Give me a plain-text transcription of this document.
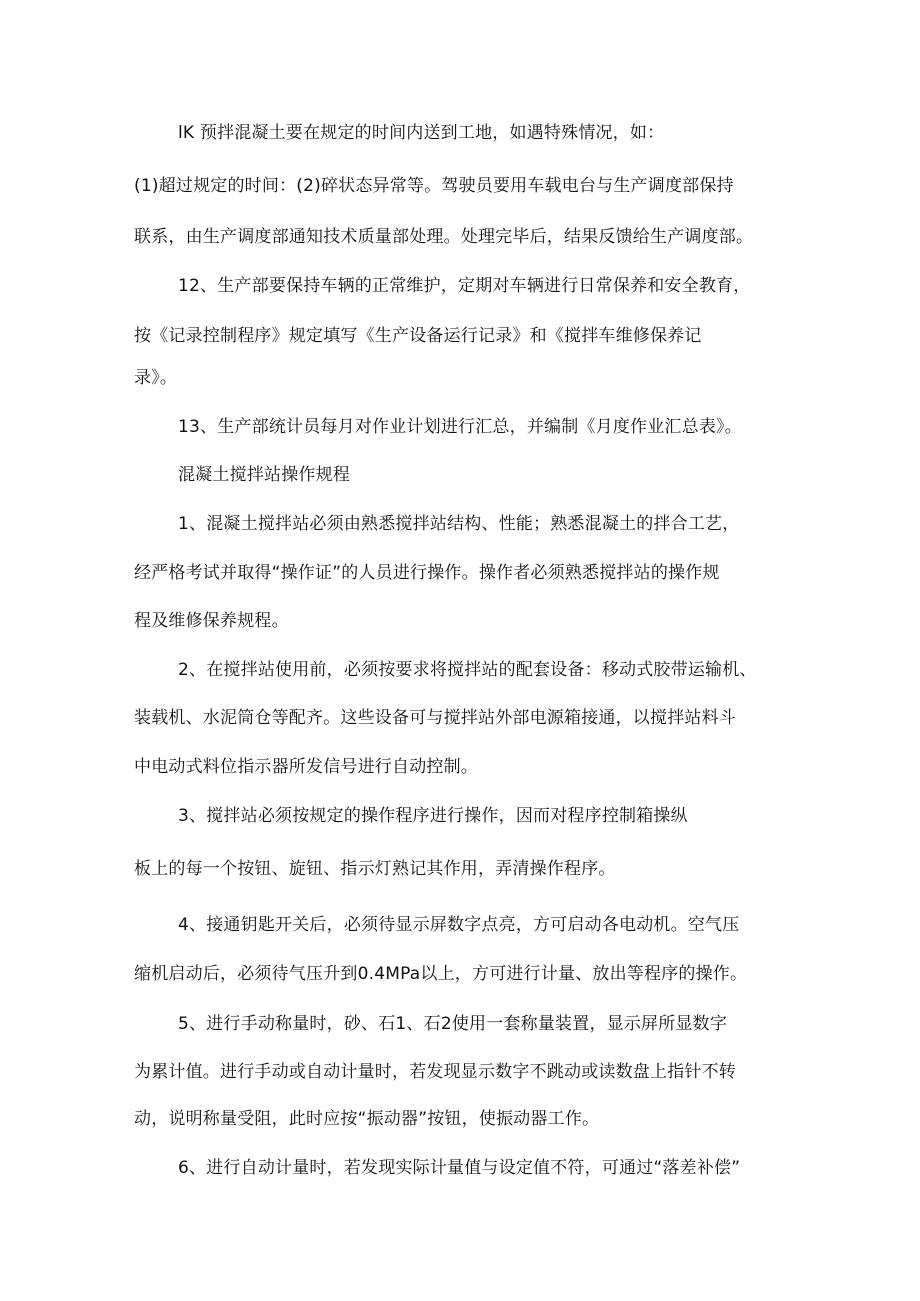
lK 预拌混凝土要在规定的时间内送到工地，如遇特殊情况，如：
(1)超过规定的时间：(2)碎状态异常等。驾驶员要用车载电台与生产调度部保持
联系，由生产调度部通知技术质量部处理。处理完毕后，结果反馈给生产调度部。
12、生产部要保持车辆的正常维护，定期对车辆进行日常保养和安全教育，
按《记录控制程序》规定填写《生产设备运行记录》和《搅拌车维修保养记
录》。
13、生产部统计员每月对作业计划进行汇总，并编制《月度作业汇总表》。
混凝土搅拌站操作规程
1、混凝土搅拌站必须由熟悉搅拌站结构、性能；熟悉混凝土的拌合工艺，
经严格考试并取得“操作证”的人员进行操作。操作者必须熟悉搅拌站的操作规
程及维修保养规程。
2、在搅拌站使用前，必须按要求将搅拌站的配套设备：移动式胶带运输机、
装载机、水泥筒仓等配齐。这些设备可与搅拌站外部电源箱接通，以搅拌站料斗
中电动式料位指示器所发信号进行自动控制。
3、搅拌站必须按规定的操作程序进行操作，因而对程序控制箱操纵
板上的每一个按钮、旋钮、指示灯熟记其作用，弄清操作程序。
4、接通钥匙开关后，必须待显示屏数字点亮，方可启动各电动机。空气压
缩机启动后，必须待气压升到0.4MPa以上，方可进行计量、放出等程序的操作。
5、进行手动称量时，砂、石1、石2使用一套称量装置，显示屏所显数字
为累计值。进行手动或自动计量时，若发现显示数字不跳动或读数盘上指针不转
动，说明称量受阻，此时应按“振动器”按钮，使振动器工作。
6、进行自动计量时，若发现实际计量值与设定值不符，可通过“落差补偿”
